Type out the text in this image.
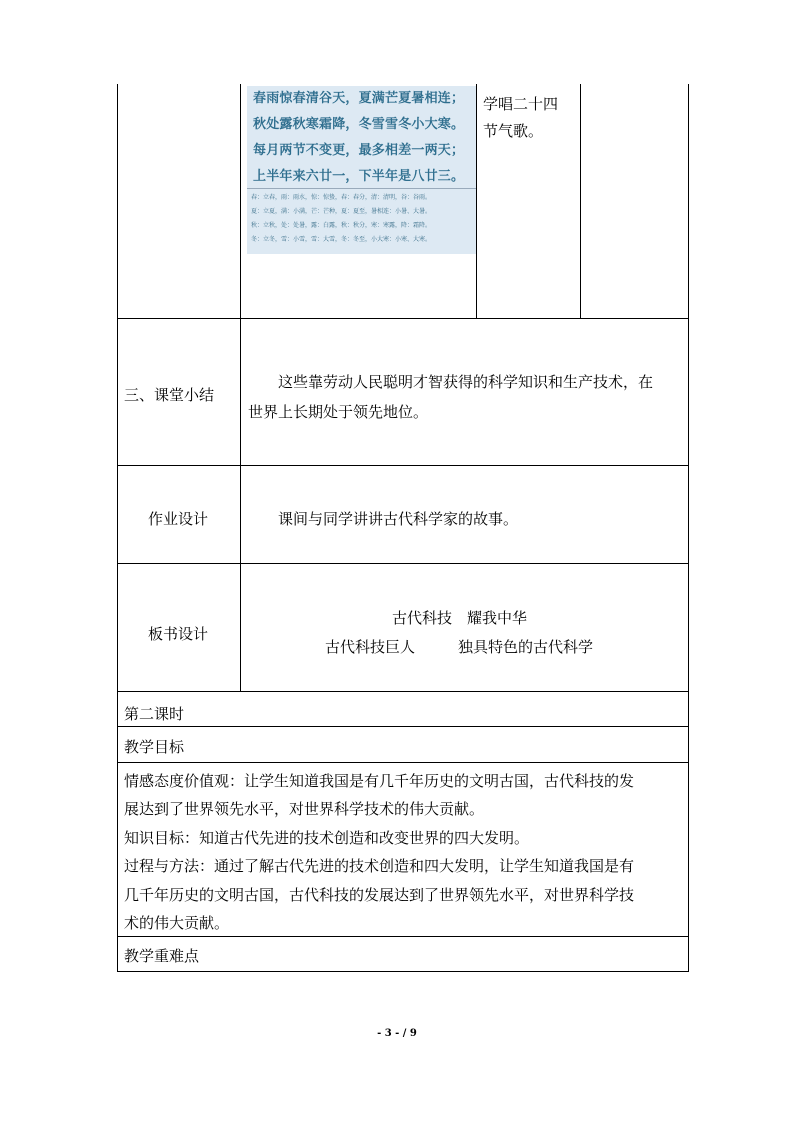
春雨惊春清谷天，夏满芒夏暑相连；
秋处露秋寒霜降，冬雪雪冬小大寒。
每月两节不变更，最多相差一两天；
上半年来六廿一，下半年是八廿三。
春：立春，雨：雨水，惊：惊蛰，春：春分，清：清明，谷：谷雨。
夏：立夏，满：小满，芒：芒种，夏：夏至，暑相连：小暑、大暑。
秋：立秋，处：处暑，露：白露，秋：秋分，寒：寒露，降：霜降。
冬：立冬，雪：小雪，雪：大雪，冬：冬至，小大寒：小寒、大寒。
学唱二十四
节气歌。
三、课堂小结
这些靠劳动人民聪明才智获得的科学知识和生产技术，在
世界上长期处于领先地位。
作业设计	课间与同学讲讲古代科学家的故事。
板书设计
古代科技　耀我中华
古代科技巨人	独具特色的古代科学
第二课时
教学目标
情感态度价值观：让学生知道我国是有几千年历史的文明古国，古代科技的发
展达到了世界领先水平，对世界科学技术的伟大贡献。
知识目标：知道古代先进的技术创造和改变世界的四大发明。
过程与方法：通过了解古代先进的技术创造和四大发明，让学生知道我国是有
几千年历史的文明古国，古代科技的发展达到了世界领先水平，对世界科学技
术的伟大贡献。
教学重难点
- 3 - / 9
